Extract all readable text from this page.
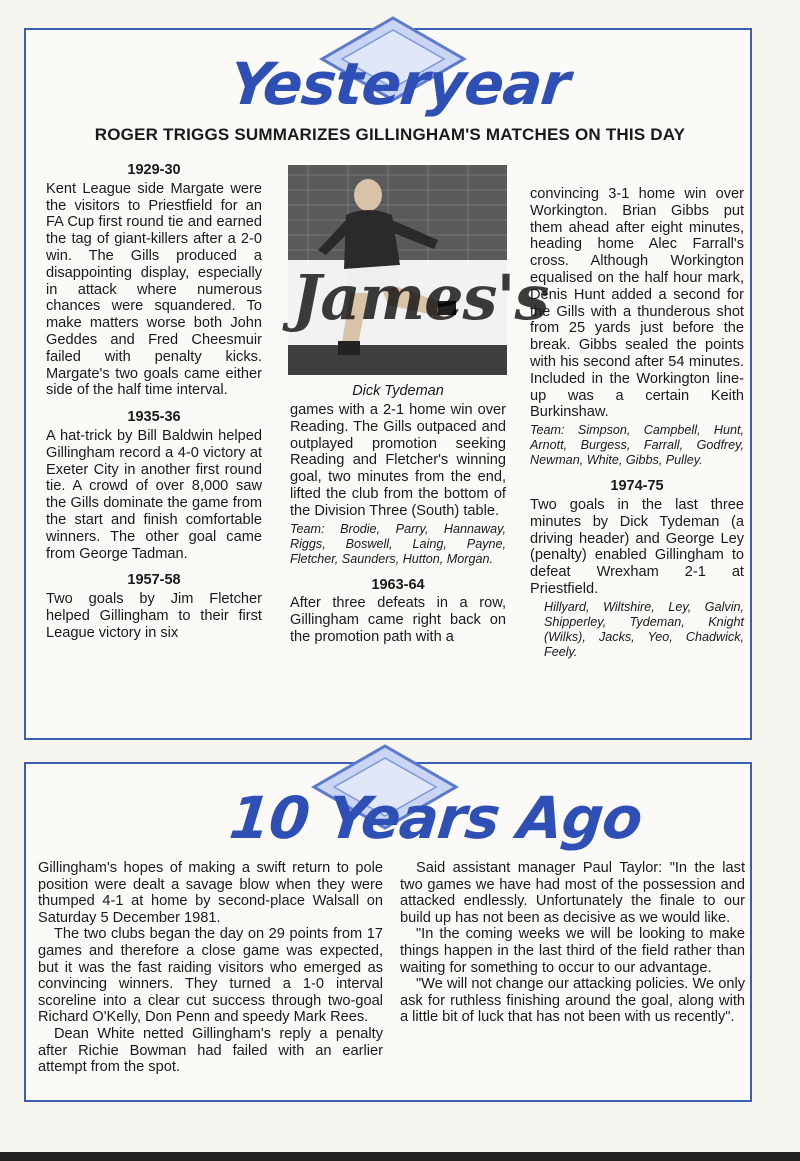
Yesteryear
ROGER TRIGGS SUMMARIZES GILLINGHAM'S MATCHES ON THIS DAY
1929-30

Kent League side Margate were the visitors to Priestfield for an FA Cup first round tie and earned the tag of giant-killers after a 2-0 win. The Gills produced a disappointing display, especially in attack where numerous chances were squandered. To make matters worse both John Geddes and Fred Cheesmuir failed with penalty kicks. Margate's two goals came either side of the half time interval.

1935-36

A hat-trick by Bill Baldwin helped Gillingham record a 4-0 victory at Exeter City in another first round tie. A crowd of over 8,000 saw the Gills dominate the game from the start and finish comfortable winners. The other goal came from George Tadman.

1957-58

Two goals by Jim Fletcher helped Gillingham to their first League victory in six

James's
Dick Tydeman

games with a 2-1 home win over Reading. The Gills outpaced and outplayed promotion seeking Reading and Fletcher's winning goal, two minutes from the end, lifted the club from the bottom of the Division Three (South) table.

Team: Brodie, Parry, Hannaway, Riggs, Boswell, Laing, Payne, Fletcher, Saunders, Hutton, Morgan.

1963-64

After three defeats in a row, Gillingham came right back on the promotion path with a

convincing 3-1 home win over Workington. Brian Gibbs put them ahead after eight minutes, heading home Alec Farrall's cross. Although Workington equalised on the half hour mark, Denis Hunt added a second for the Gills with a thunderous shot from 25 yards just before the break. Gibbs sealed the points with his second after 54 minutes. Included in the Workington line-up was a certain Keith Burkinshaw.

Team: Simpson, Campbell, Hunt, Arnott, Burgess, Farrall, Godfrey, Newman, White, Gibbs, Pulley.

1974-75

Two goals in the last three minutes by Dick Tydeman (a driving header) and George Ley (penalty) enabled Gillingham to defeat Wrexham 2-1 at Priestfield.

Hillyard, Wiltshire, Ley, Galvin, Shipperley, Tydeman, Knight (Wilks), Jacks, Yeo, Chadwick, Feely.

10 Years Ago

Gillingham's hopes of making a swift return to pole position were dealt a savage blow when they were thumped 4-1 at home by second-place Walsall on Saturday 5 December 1981.

The two clubs began the day on 29 points from 17 games and therefore a close game was expected, but it was the fast raiding visitors who emerged as convincing winners. They turned a 1-0 interval scoreline into a clear cut success through two-goal Richard O'Kelly, Don Penn and speedy Mark Rees.

Dean White netted Gillingham's reply a penalty after Richie Bowman had failed with an earlier attempt from the spot.

Said assistant manager Paul Taylor: "In the last two games we have had most of the possession and attacked endlessly. Unfortunately the finale to our build up has not been as decisive as we would like.

"In the coming weeks we will be looking to make things happen in the last third of the field rather than waiting for something to occur to our advantage.

"We will not change our attacking policies. We only ask for ruthless finishing around the goal, along with a little bit of luck that has not been with us recently".
